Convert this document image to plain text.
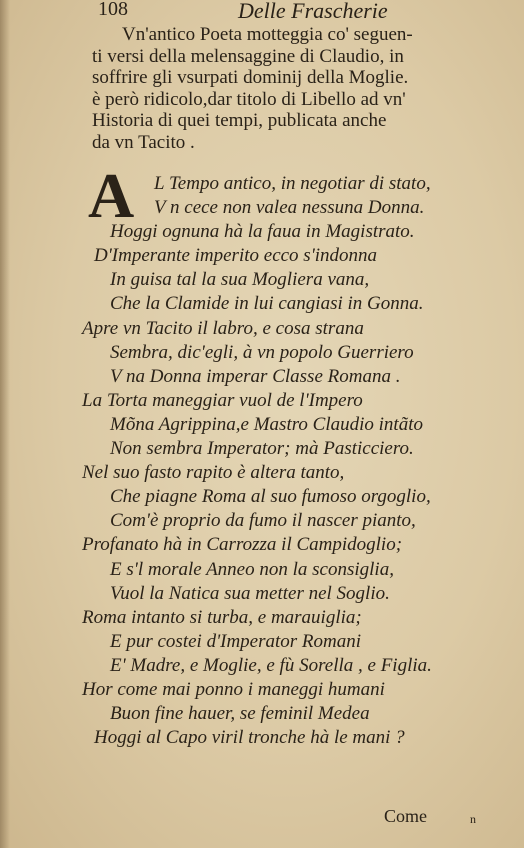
108	Delle Frascherie
Vn'antico Poeta motteggia co' seguen-
ti versi della melensaggine di Claudio, in
soffrire gli vsurpati dominij della Moglie.
è però ridicolo,dar titolo di Libello ad vn'
Historia di quei tempi, publicata anche
da vn Tacito .
A	L Tempo antico, in negotiar di stato,
V n cece non valea nessuna Donna.
Hoggi ognuna hà la faua in Magistrato.
D'Imperante imperito ecco s'indonna
In guisa tal la sua Mogliera vana,
Che la Clamide in lui cangiasi in Gonna.
Apre vn Tacito il labro, e cosa strana
Sembra, dic'egli, à vn popolo Guerriero
V na Donna imperar Classe Romana .
La Torta maneggiar vuol de l'Impero
Mõna Agrippina,e Mastro Claudio intãto
Non sembra Imperator; mà Pasticciero.
Nel suo fasto rapito è altera tanto,
Che piagne Roma al suo fumoso orgoglio,
Com'è proprio da fumo il nascer pianto,
Profanato hà in Carrozza il Campidoglio;
E s'l morale Anneo non la sconsiglia,
Vuol la Natica sua metter nel Soglio.
Roma intanto si turba, e marauiglia;
E pur costei d'Imperator Romani
E' Madre, e Moglie, e fù Sorella , e Figlia.
Hor come mai ponno i maneggi humani
Buon fine hauer, se feminil Medea
Hoggi al Capo viril tronche hà le mani ?
Come	n
